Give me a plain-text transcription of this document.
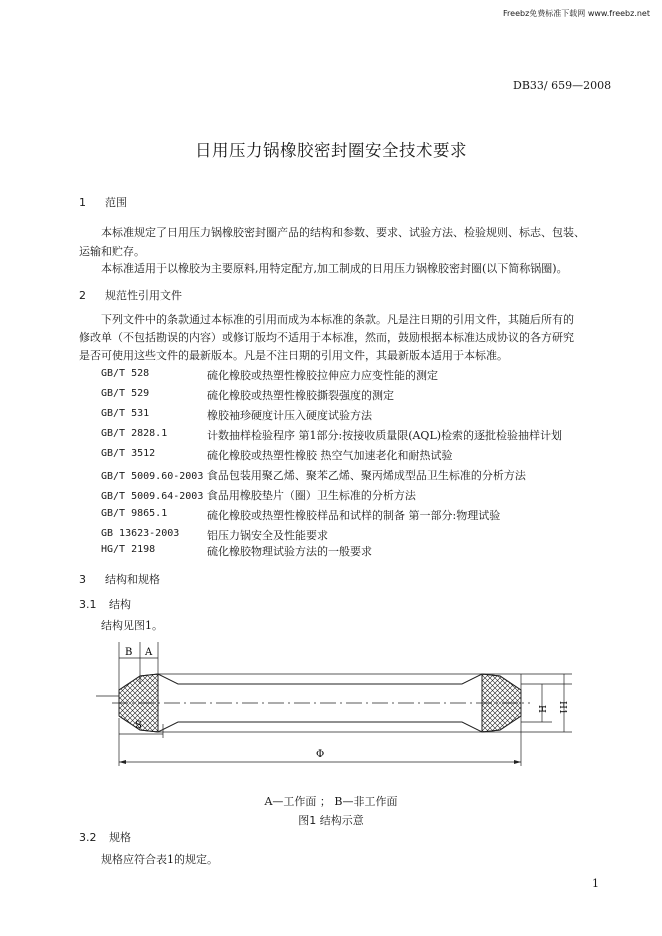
Freebz免费标准下载网 www.freebz.net
DB33/ 659—2008
日用压力锅橡胶密封圈安全技术要求
1 范围
本标准规定了日用压力锅橡胶密封圈产品的结构和参数、要求、试验方法、检验规则、标志、包装、
运输和贮存。
本标准适用于以橡胶为主要原料,用特定配方,加工制成的日用压力锅橡胶密封圈(以下简称锅圈)。
2 规范性引用文件
下列文件中的条款通过本标准的引用而成为本标准的条款。凡是注日期的引用文件，其随后所有的
修改单（不包括勘误的内容）或修订版均不适用于本标准，然而，鼓励根据本标准达成协议的各方研究
是否可使用这些文件的最新版本。凡是不注日期的引用文件，其最新版本适用于本标准。
GB/T 528	硫化橡胶或热塑性橡胶拉伸应力应变性能的测定
GB/T 529	硫化橡胶或热塑性橡胶撕裂强度的测定
GB/T 531	橡胶袖珍硬度计压入硬度试验方法
GB/T 2828.1	计数抽样检验程序 第1部分:按接收质量限(AQL)检索的逐批检验抽样计划
GB/T 3512	硫化橡胶或热塑性橡胶 热空气加速老化和耐热试验
GB/T 5009.60-2003 食品包装用聚乙烯、聚苯乙烯、聚丙烯成型品卫生标准的分析方法
GB/T 5009.64-2003 食品用橡胶垫片（圈）卫生标准的分析方法
GB/T 9865.1	硫化橡胶或热塑性橡胶样品和试样的制备 第一部分:物理试验
GB 13623-2003	铝压力锅安全及性能要求
HG/T 2198	硫化橡胶物理试验方法的一般要求
3 结构和规格
3.1 结构
结构见图1。
B A
S
H H1
Φ
A—工作面 ； B—非工作面
图1 结构示意
3.2 规格
规格应符合表1的规定。
1
